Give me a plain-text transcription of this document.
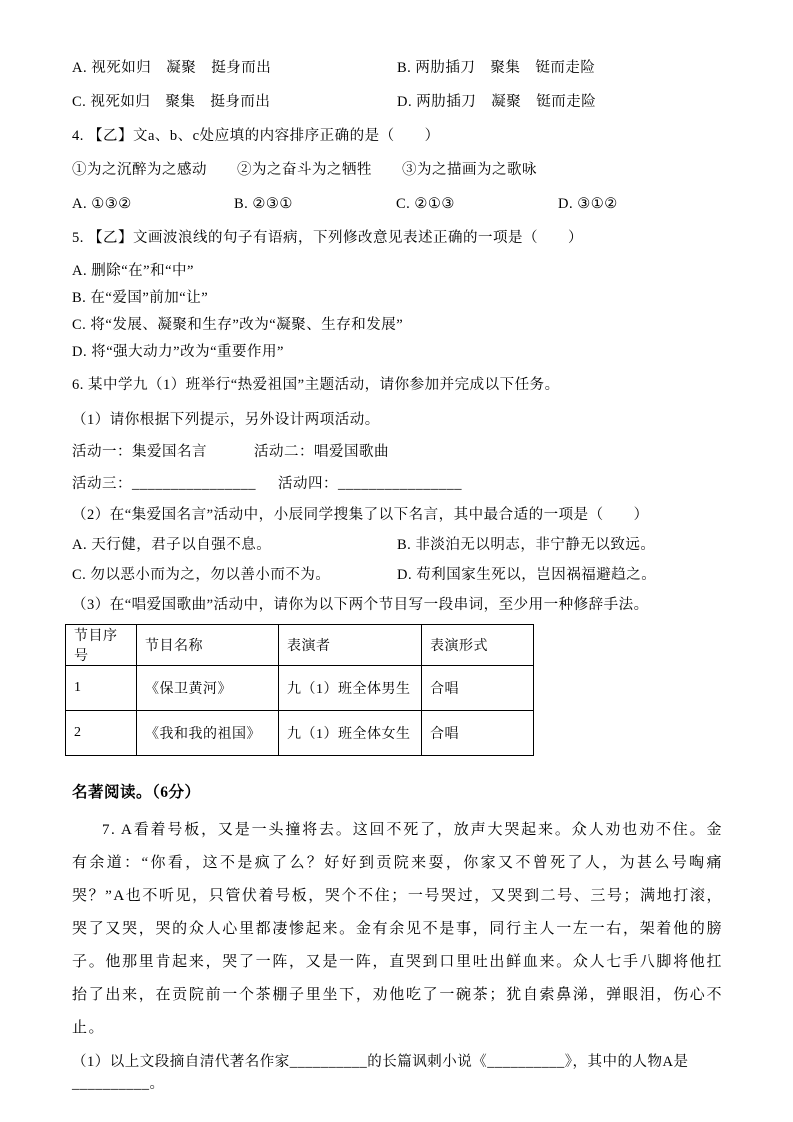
A. 视死如归　凝聚　挺身而出	B. 两肋插刀　聚集　铤而走险
C. 视死如归　聚集　挺身而出	D. 两肋插刀　凝聚　铤而走险
4. 【乙】文a、b、c处应填的内容排序正确的是（　　）
①为之沉醉为之感动　　②为之奋斗为之牺牲　　③为之描画为之歌咏
A. ①③②	B. ②③①	C. ②①③	D. ③①②
5. 【乙】文画波浪线的句子有语病，下列修改意见表述正确的一项是（　　）
A. 删除“在”和“中”
B. 在“爱国”前加“让”
C. 将“发展、凝聚和生存”改为“凝聚、生存和发展”
D. 将“强大动力”改为“重要作用”
6. 某中学九（1）班举行“热爱祖国”主题活动，请你参加并完成以下任务。
（1）请你根据下列提示，另外设计两项活动。
活动一：集爱国名言	活动二：唱爱国歌曲
活动三：________________	活动四：________________
（2）在“集爱国名言”活动中，小辰同学搜集了以下名言，其中最合适的一项是（　　）
A. 天行健，君子以自强不息。	B. 非淡泊无以明志，非宁静无以致远。
C. 勿以恶小而为之，勿以善小而不为。	D. 苟利国家生死以，岂因祸福避趋之。
（3）在“唱爱国歌曲”活动中，请你为以下两个节目写一段串词，至少用一种修辞手法。
节目序号	节目名称	表演者	表演形式
1	《保卫黄河》	九（1）班全体男生	合唱
2	《我和我的祖国》	九（1）班全体女生	合唱
名著阅读。（6分）
7. A看着号板，又是一头撞将去。这回不死了，放声大哭起来。众人劝也劝不住。金有余道：“你看，这不是疯了么？好好到贡院来耍，你家又不曾死了人，为甚么号啕痛哭？”A也不听见，只管伏着号板，哭个不住；一号哭过，又哭到二号、三号；满地打滚，哭了又哭，哭的众人心里都凄惨起来。金有余见不是事，同行主人一左一右，架着他的膀子。他那里肯起来，哭了一阵，又是一阵，直哭到口里吐出鲜血来。众人七手八脚将他扛抬了出来，在贡院前一个茶棚子里坐下，劝他吃了一碗茶；犹自索鼻涕，弹眼泪，伤心不止。
（1）以上文段摘自清代著名作家__________的长篇讽刺小说《__________》，其中的人物A是__________。
